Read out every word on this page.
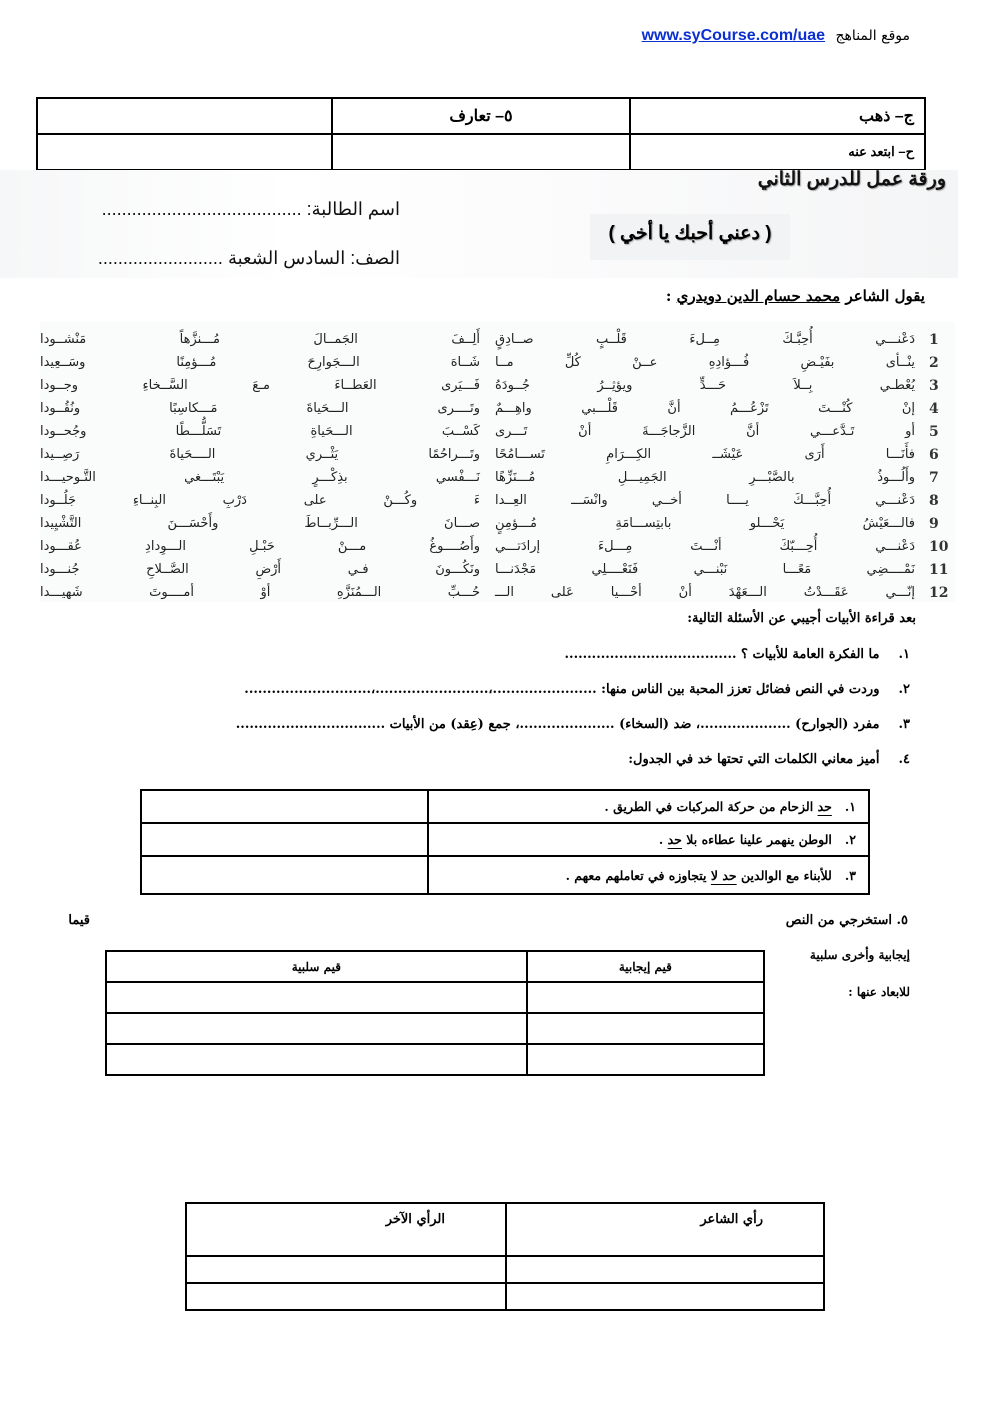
موقع المناهج www.syCourse.com/uae
ج– ذهب	٥– تعارف	
ح– ابتعد عنه		
ورقة عمل للدرس الثاني
( دعني أحبك يا أخي )
اسم الطالبة: ........................................
الصف: السادس الشعبة .........................
يقول الشاعر محمد حسام الدين دويدري :
1
دَعْنـــي أُحِبَّـكَ مِــلءَ قَلْــبٍ صــادِقٍ
أَلِــفَ الجَمــالَ مُـــنزَّهاً مَنْشــودا
2
ينْــأى بفَيْـضِ فُـــؤادِهِ عــنْ كُلِّ مــا
شَــاهَ الـــجَوارِحَ مُـــؤمِنًا وسَــعِيدا
3
يُعْطـي بِــلاَ حَـــدٍّ ويؤثِــرُ جُــودَهُ
فَـــيَرى العَطــاءَ مـعَ السَّــخاءِ وجــودا
4
إنْ كُنْـــتَ تَزْعُـــمُ أنَّ قَلْـــبي واهِـــمٌ
وتَــــرى الـــحَياةَ مَـــكاسِبًا ونُقُــودا
5
أو تَـدَّعـــي أنَّ الزَّجاجَـــةَ أنْ تَـــرى
كَسْــبَ الـــحَياةِ تَسَلُّـــطًا وجُحــودا
6
فأَنَـــا أَرَى عَيْشَــ الكِـــرَامِ تَســـامُحًا
وتَـــراحُمًا يَثْــري الــــحَياةَ رَصِــيدا
7
وأَلُـــوذُ بالصَّبْـــرِ الجَمِيـــلِ مُـــنَزِّهًا
نَـــفْسي بذِكْـــرٍ يَبْتَـــغي التَّـوحيـــدا
8
دَعْنـــي أُحِبَّـــكَ يــــا أخــي وانْسَـــ العِــدا
ءَ وكُـــنْ على دَرْبِ البِنــاءِ جَلُــودا
9
فالـــعَيْشُ يَحْـــلو بابتِســـامَةِ مُـــؤمِنٍ
صـــانَ الـــرِّبــاطَ وأَحْسَـــنَ التَّشْيِيدا
10
دَعْنـــي أُحِـــبّكَ أنْـــتَ مِـــلءَ إرادَتـــي
وأَصُــــوغُ مـــنْ حَبْـلِ الـــوِدادِ عُقـــودا
11
نَمْــــضِي مَعًـــا نَبْنـــي فَنَعْــــلِي مَجْدَنـــا
ونَكُـــونَ فـي أَرْضِ الصَّــلاحِ جُنـــودا
12
إنّـــي عَقَـــدْتُ الـــعَهْدَ أنْ أحْـــيا عَلى الـــ
حُـــبِّ الـــمُنَزَّهِ أوْ أمــــوتَ شَهيـــدا
بعد قراءة الأبيات أجيبي عن الأسئلة التالية:
١. ما الفكرة العامة للأبيات ؟ ......................................
٢. وردت في النص فضائل تعزز المحبة بين الناس منها: .......................،.........................،............................
٣. مفرد (الجوارح) ....................، ضد (السخاء) .....................، جمع (عِقد) من الأبيات .................................
٤. أميز معاني الكلمات التي تحتها خد في الجدول:
١.   حد الزحام من حركة المركبات في الطريق .	
٢.   الوطن ينهمر علينا عطاءه بلا حد .	
٣.   للأبناء مع الوالدين حد لا يتجاوزه في تعاملهم معهم .	
٥. استخرجي من النص
قيما
إيجابية وأخرى سلبية
للابعاد عنها :
قيم إيجابية	قيم سلبية

رأي الشاعر	الرأي الآخر
